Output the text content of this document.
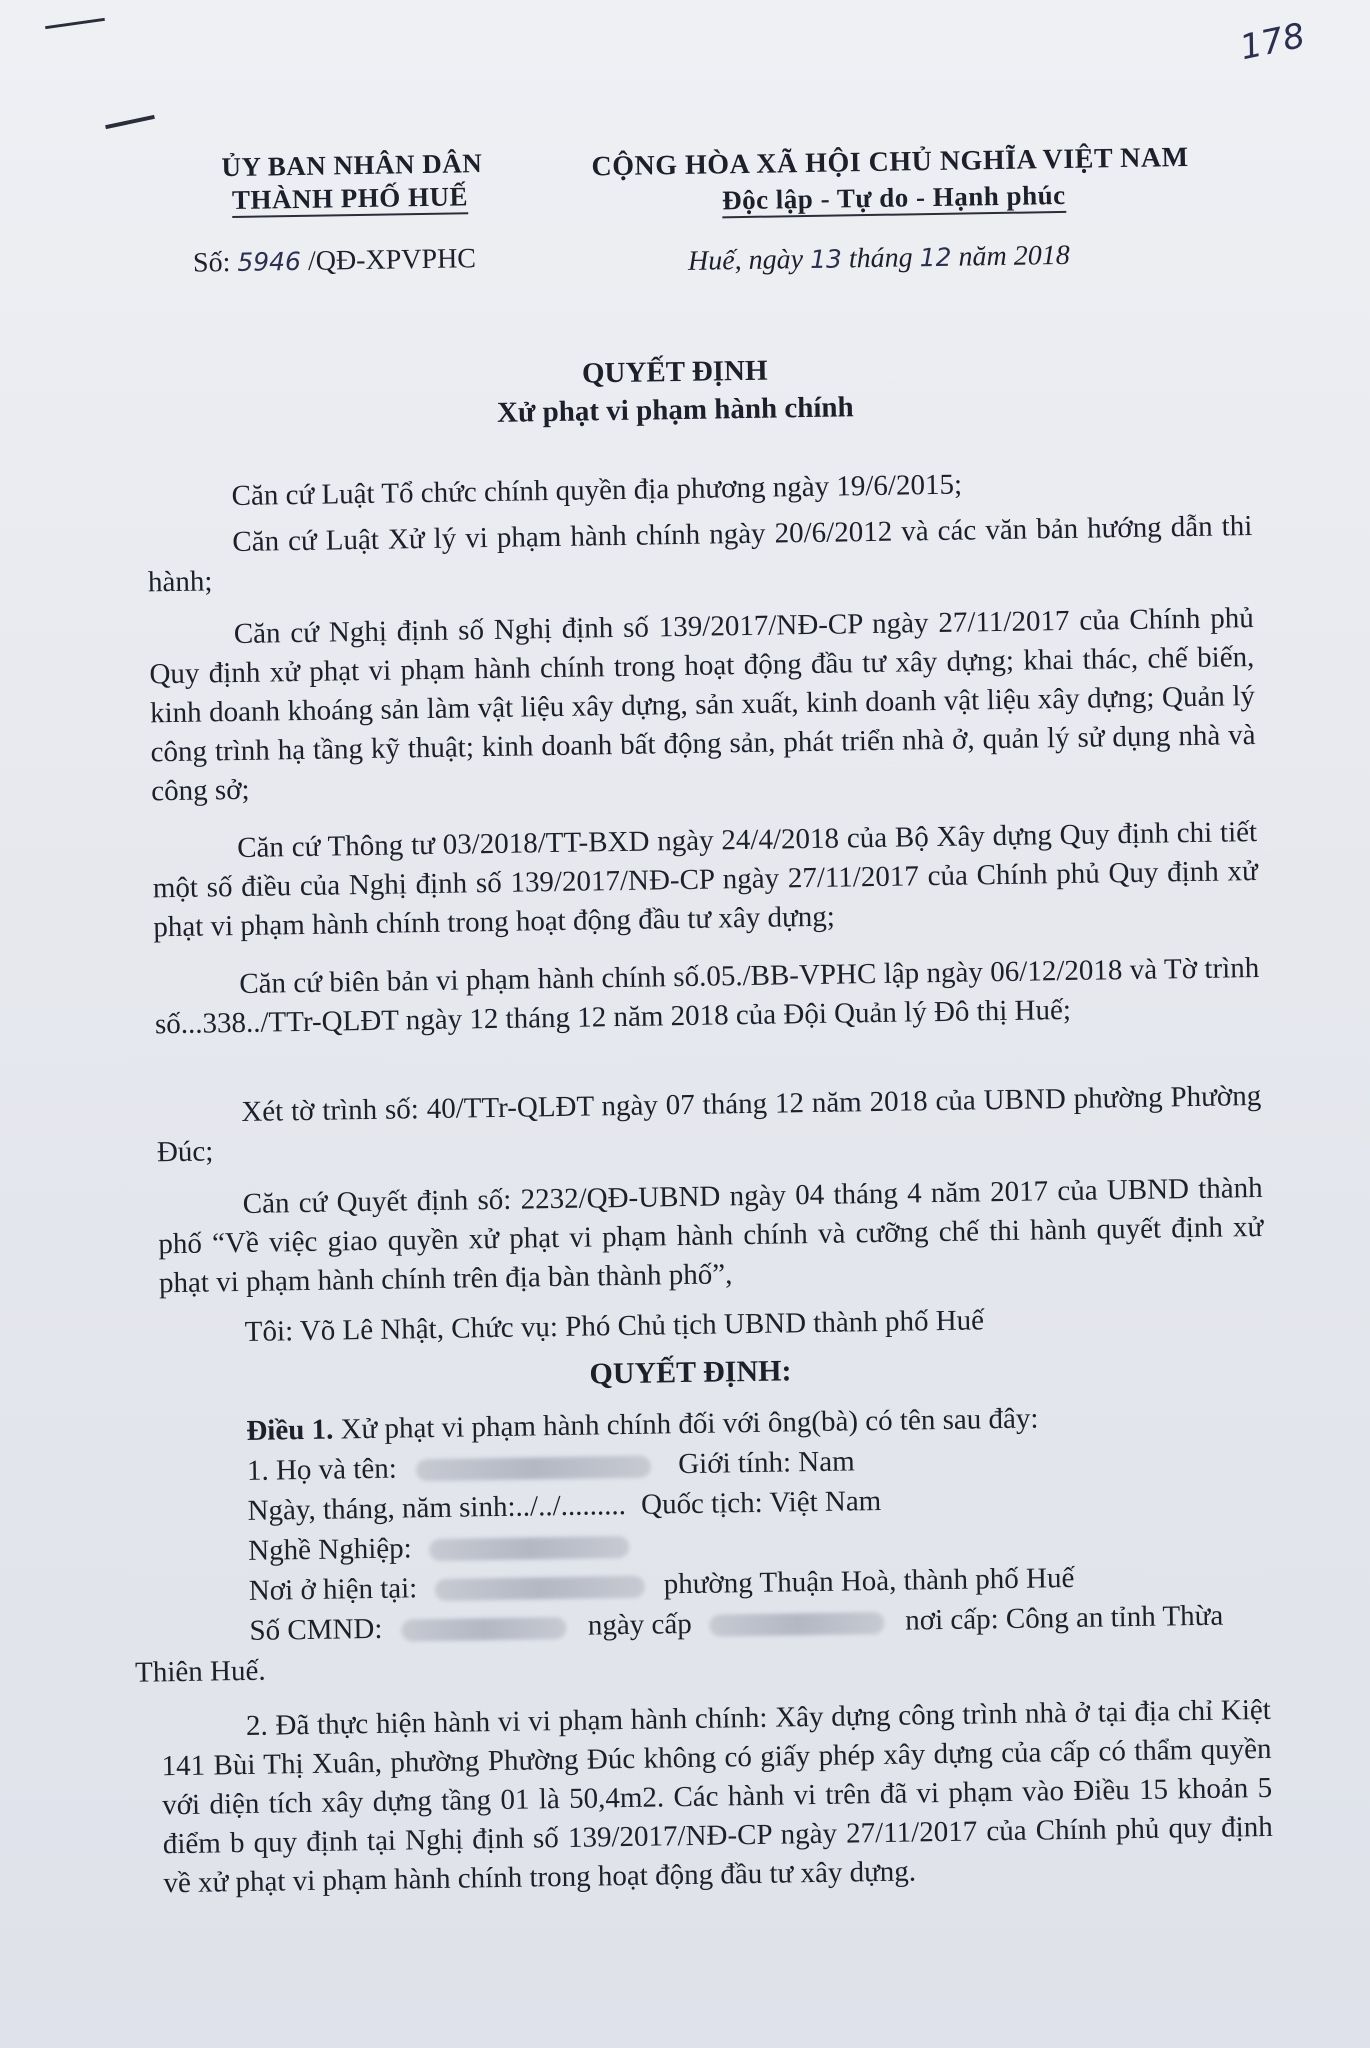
178
ỦY BAN NHÂN DÂN
THÀNH PHỐ HUẾ
CỘNG HÒA XÃ HỘI CHỦ NGHĨA VIỆT NAM
Độc lập - Tự do - Hạnh phúc
Số: 5946 /QĐ-XPVPHC	Huế, ngày 13 tháng 12 năm 2018
QUYẾT ĐỊNH
Xử phạt vi phạm hành chính
Căn cứ Luật Tổ chức chính quyền địa phương ngày 19/6/2015;
Căn cứ Luật Xử lý vi phạm hành chính ngày 20/6/2012 và các văn bản hướng dẫn thi hành;
Căn cứ Nghị định số Nghị định số 139/2017/NĐ-CP ngày 27/11/2017 của Chính phủ Quy định xử phạt vi phạm hành chính trong hoạt động đầu tư xây dựng; khai thác, chế biến, kinh doanh khoáng sản làm vật liệu xây dựng, sản xuất, kinh doanh vật liệu xây dựng; Quản lý công trình hạ tầng kỹ thuật; kinh doanh bất động sản, phát triển nhà ở, quản lý sử dụng nhà và công sở;
Căn cứ Thông tư 03/2018/TT-BXD ngày 24/4/2018 của Bộ Xây dựng Quy định chi tiết một số điều của Nghị định số 139/2017/NĐ-CP ngày 27/11/2017 của Chính phủ Quy định xử phạt vi phạm hành chính trong hoạt động đầu tư xây dựng;
Căn cứ biên bản vi phạm hành chính số.05./BB-VPHC lập ngày 06/12/2018 và Tờ trình số...338../TTr-QLĐT ngày 12 tháng 12 năm 2018 của Đội Quản lý Đô thị Huế;
Xét tờ trình số: 40/TTr-QLĐT ngày 07 tháng 12 năm 2018 của UBND phường Phường Đúc;
Căn cứ Quyết định số: 2232/QĐ-UBND ngày 04 tháng 4 năm 2017 của UBND thành phố “Về việc giao quyền xử phạt vi phạm hành chính và cưỡng chế thi hành quyết định xử phạt vi phạm hành chính trên địa bàn thành phố”,
Tôi: Võ Lê Nhật, Chức vụ: Phó Chủ tịch UBND thành phố Huế
QUYẾT ĐỊNH:
Điều 1. Xử phạt vi phạm hành chính đối với ông(bà) có tên sau đây:
1. Họ và tên:	Giới tính: Nam
Ngày, tháng, năm sinh:../../......... Quốc tịch: Việt Nam
Nghề Nghiệp:
Nơi ở hiện tại:	phường Thuận Hoà, thành phố Huế
Số CMND:	ngày cấp	nơi cấp: Công an tỉnh Thừa
Thiên Huế.
2. Đã thực hiện hành vi vi phạm hành chính: Xây dựng công trình nhà ở tại địa chỉ Kiệt 141 Bùi Thị Xuân, phường Phường Đúc không có giấy phép xây dựng của cấp có thẩm quyền với diện tích xây dựng tầng 01 là 50,4m2. Các hành vi trên đã vi phạm vào Điều 15 khoản 5 điểm b quy định tại Nghị định số 139/2017/NĐ-CP ngày 27/11/2017 của Chính phủ quy định về xử phạt vi phạm hành chính trong hoạt động đầu tư xây dựng.
